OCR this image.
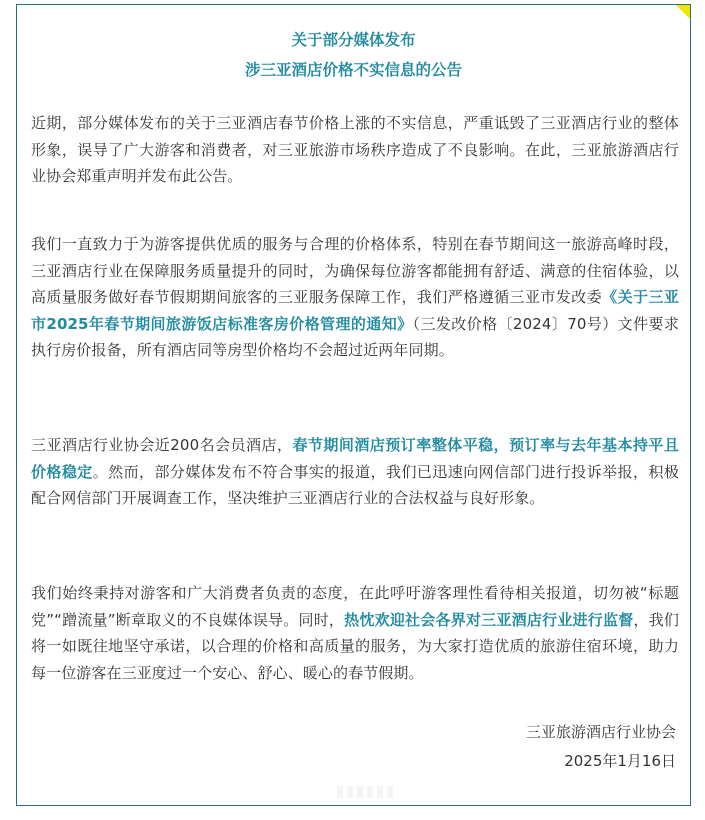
关于部分媒体发布
涉三亚酒店价格不实信息的公告
近期，部分媒体发布的关于三亚酒店春节价格上涨的不实信息，严重诋毁了三亚酒店行业的整体形象，误导了广大游客和消费者，对三亚旅游市场秩序造成了不良影响。在此，三亚旅游酒店行业协会郑重声明并发布此公告。
我们一直致力于为游客提供优质的服务与合理的价格体系，特别在春节期间这一旅游高峰时段，三亚酒店行业在保障服务质量提升的同时，为确保每位游客都能拥有舒适、满意的住宿体验，以高质量服务做好春节假期期间旅客的三亚服务保障工作，我们严格遵循三亚市发改委《关于三亚市2025年春节期间旅游饭店标准客房价格管理的通知》（三发改价格〔2024〕70号）文件要求执行房价报备，所有酒店同等房型价格均不会超过近两年同期。
三亚酒店行业协会近200名会员酒店，春节期间酒店预订率整体平稳，预订率与去年基本持平且价格稳定。然而，部分媒体发布不符合事实的报道，我们已迅速向网信部门进行投诉举报，积极配合网信部门开展调查工作，坚决维护三亚酒店行业的合法权益与良好形象。
我们始终秉持对游客和广大消费者负责的态度，在此呼吁游客理性看待相关报道，切勿被“标题党”“蹭流量”断章取义的不良媒体误导。同时，热忱欢迎社会各界对三亚酒店行业进行监督，我们将一如既往地坚守承诺，以合理的价格和高质量的服务，为大家打造优质的旅游住宿环境，助力每一位游客在三亚度过一个安心、舒心、暖心的春节假期。
三亚旅游酒店行业协会
2025年1月16日
